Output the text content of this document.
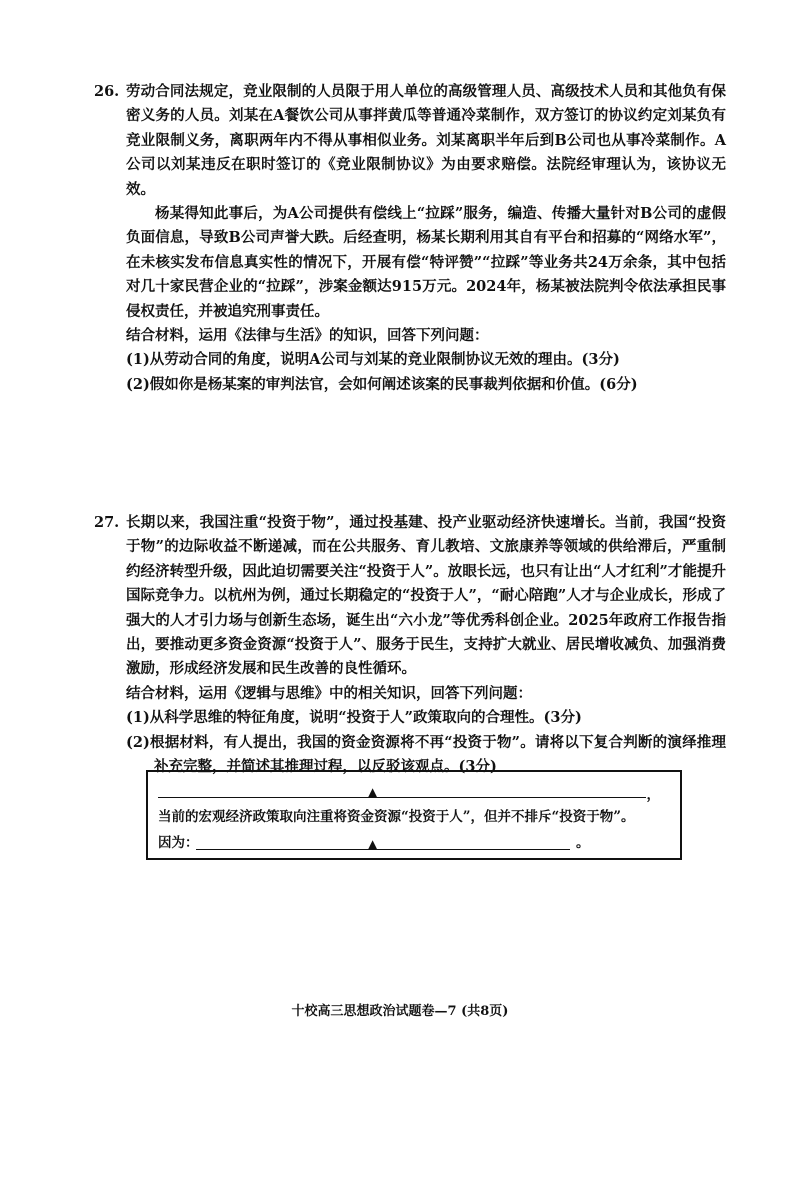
26. 劳动合同法规定，竞业限制的人员限于用人单位的高级管理人员、高级技术人员和其他负有保密义务的人员。刘某在A餐饮公司从事拌黄瓜等普通冷菜制作，双方签订的协议约定刘某负有竞业限制义务，离职两年内不得从事相似业务。刘某离职半年后到B公司也从事冷菜制作。A公司以刘某违反在职时签订的《竞业限制协议》为由要求赔偿。法院经审理认为，该协议无效。

杨某得知此事后，为A公司提供有偿线上“拉踩”服务，编造、传播大量针对B公司的虚假负面信息，导致B公司声誉大跌。后经查明，杨某长期利用其自有平台和招募的“网络水军”，在未核实发布信息真实性的情况下，开展有偿“特评赞”“拉踩”等业务共24万余条，其中包括对几十家民营企业的“拉踩”，涉案金额达915万元。2024年，杨某被法院判令依法承担民事侵权责任，并被追究刑事责任。

结合材料，运用《法律与生活》的知识，回答下列问题：

(1)从劳动合同的角度，说明A公司与刘某的竞业限制协议无效的理由。(3分)

(2)假如你是杨某案的审判法官，会如何阐述该案的民事裁判依据和价值。(6分)

27. 长期以来，我国注重“投资于物”，通过投基建、投产业驱动经济快速增长。当前，我国“投资于物”的边际收益不断递减，而在公共服务、育儿教培、文旅康养等领域的供给滞后，严重制约经济转型升级，因此迫切需要关注“投资于人”。放眼长远，也只有让出“人才红利”才能提升国际竞争力。以杭州为例，通过长期稳定的“投资于人”，“耐心陪跑”人才与企业成长，形成了强大的人才引力场与创新生态场，诞生出“六小龙”等优秀科创企业。2025年政府工作报告指出，要推动更多资金资源“投资于人”、服务于民生，支持扩大就业、居民增收减负、加强消费激励，形成经济发展和民生改善的良性循环。

结合材料，运用《逻辑与思维》中的相关知识，回答下列问题：

(1)从科学思维的特征角度，说明“投资于人”政策取向的合理性。(3分)

(2)根据材料，有人提出，我国的资金资源将不再“投资于物”。请将以下复合判断的演绎推理补充完整，并简述其推理过程，以反驳该观点。(3分)

▲	，
当前的宏观经济政策取向注重将资金资源“投资于人”，但并不排斥“投资于物”。
因为：	▲	。
十校高三思想政治试题卷—7 (共8页)
